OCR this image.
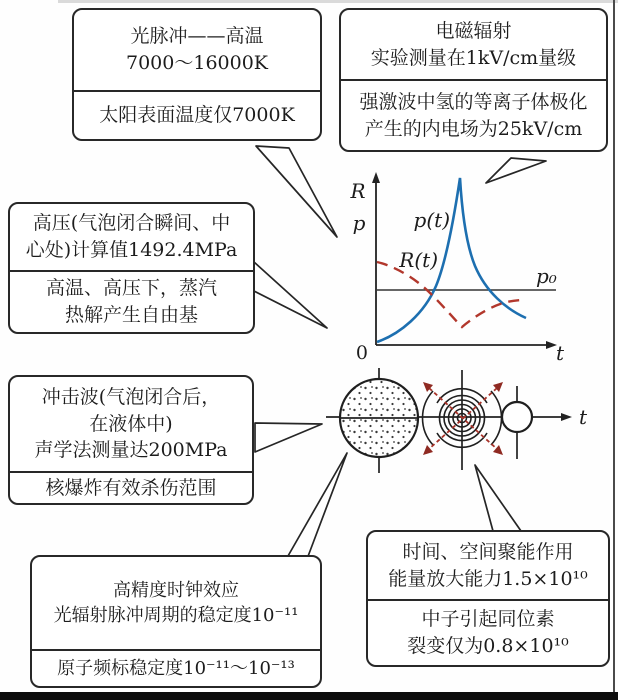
R
p p(t)
R(t)
p₀
0	t
t
光脉冲——高温
7000～16000K
太阳表面温度仅7000K
电磁辐射
实验测量在1kV/cm量级
强激波中氢的等离子体极化
产生的内电场为25kV/cm
高压(气泡闭合瞬间、中
心处)计算值1492.4MPa
高温、高压下，蒸汽
热解产生自由基
冲击波(气泡闭合后，
在液体中)
声学法测量达200MPa
核爆炸有效杀伤范围
高精度时钟效应
光辐射脉冲周期的稳定度10⁻¹¹
原子频标稳定度10⁻¹¹～10⁻¹³
时间、空间聚能作用
能量放大能力1.5×10¹⁰
中子引起同位素
裂变仅为0.8×10¹⁰
